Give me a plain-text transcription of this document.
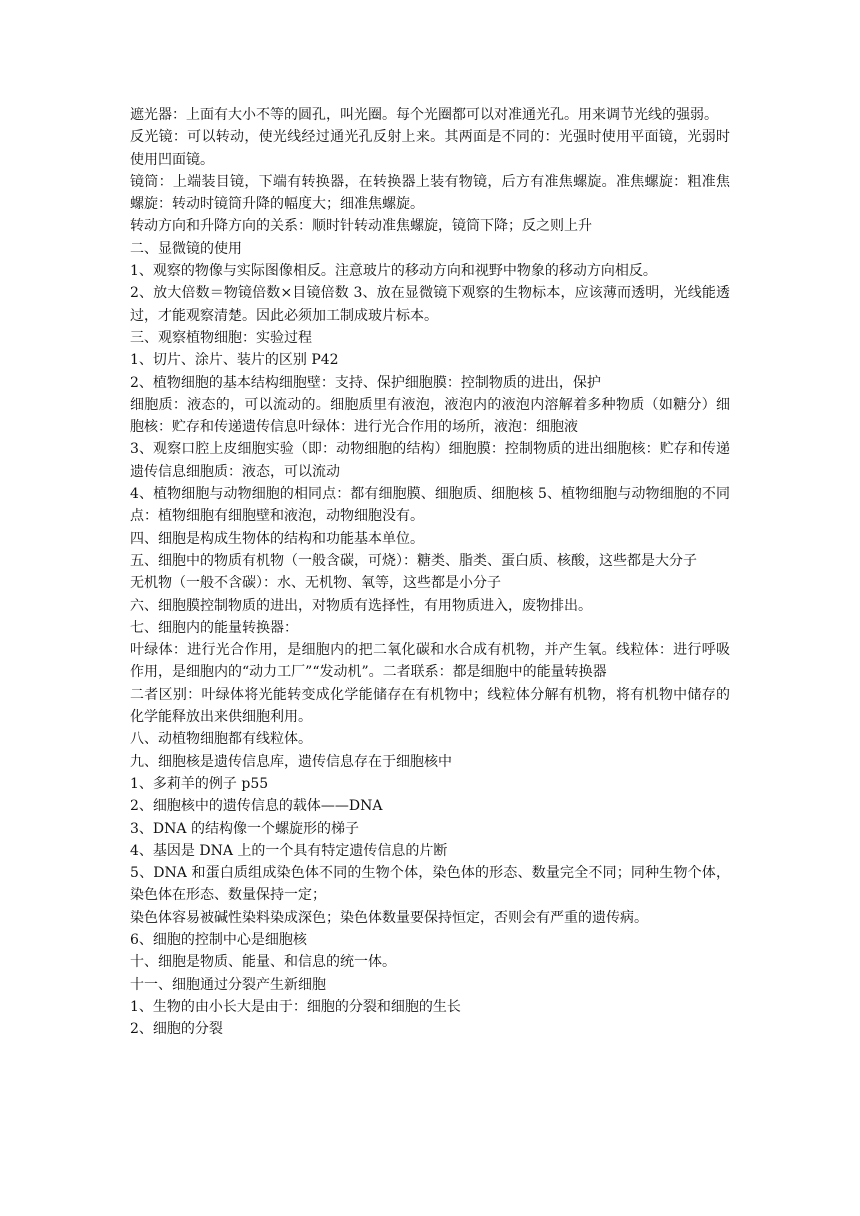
遮光器：上面有大小不等的圆孔，叫光圈。每个光圈都可以对准通光孔。用来调节光线的强弱。

反光镜：可以转动，使光线经过通光孔反射上来。其两面是不同的：光强时使用平面镜，光弱时使用凹面镜。

镜筒：上端装目镜，下端有转换器，在转换器上装有物镜，后方有准焦螺旋。准焦螺旋：粗准焦螺旋：转动时镜筒升降的幅度大；细准焦螺旋。

转动方向和升降方向的关系：顺时针转动准焦螺旋，镜筒下降；反之则上升

二、显微镜的使用

1、观察的物像与实际图像相反。注意玻片的移动方向和视野中物象的移动方向相反。

2、放大倍数＝物镜倍数×目镜倍数 3、放在显微镜下观察的生物标本，应该薄而透明，光线能透过，才能观察清楚。因此必须加工制成玻片标本。

三、观察植物细胞：实验过程

1、切片、涂片、装片的区别 P42

2、植物细胞的基本结构细胞壁：支持、保护细胞膜：控制物质的进出，保护

细胞质：液态的，可以流动的。细胞质里有液泡，液泡内的液泡内溶解着多种物质（如糖分）细胞核：贮存和传递遗传信息叶绿体：进行光合作用的场所，液泡：细胞液

3、观察口腔上皮细胞实验（即：动物细胞的结构）细胞膜：控制物质的进出细胞核：贮存和传递遗传信息细胞质：液态，可以流动

4、植物细胞与动物细胞的相同点：都有细胞膜、细胞质、细胞核 5、植物细胞与动物细胞的不同点：植物细胞有细胞壁和液泡，动物细胞没有。

四、细胞是构成生物体的结构和功能基本单位。

五、细胞中的物质有机物（一般含碳，可烧）：糖类、脂类、蛋白质、核酸，这些都是大分子

无机物（一般不含碳）：水、无机物、氧等，这些都是小分子

六、细胞膜控制物质的进出，对物质有选择性，有用物质进入，废物排出。

七、细胞内的能量转换器：

叶绿体：进行光合作用，是细胞内的把二氧化碳和水合成有机物，并产生氧。线粒体：进行呼吸作用，是细胞内的“动力工厂”“发动机”。二者联系：都是细胞中的能量转换器

二者区别：叶绿体将光能转变成化学能储存在有机物中；线粒体分解有机物，将有机物中储存的化学能释放出来供细胞利用。

八、动植物细胞都有线粒体。

九、细胞核是遗传信息库，遗传信息存在于细胞核中

1、多莉羊的例子 p55

2、细胞核中的遗传信息的载体——DNA

3、DNA 的结构像一个螺旋形的梯子

4、基因是 DNA 上的一个具有特定遗传信息的片断

5、DNA 和蛋白质组成染色体不同的生物个体，染色体的形态、数量完全不同；同种生物个体，染色体在形态、数量保持一定；

染色体容易被碱性染料染成深色；染色体数量要保持恒定，否则会有严重的遗传病。

6、细胞的控制中心是细胞核

十、细胞是物质、能量、和信息的统一体。

十一、细胞通过分裂产生新细胞

1、生物的由小长大是由于：细胞的分裂和细胞的生长

2、细胞的分裂
